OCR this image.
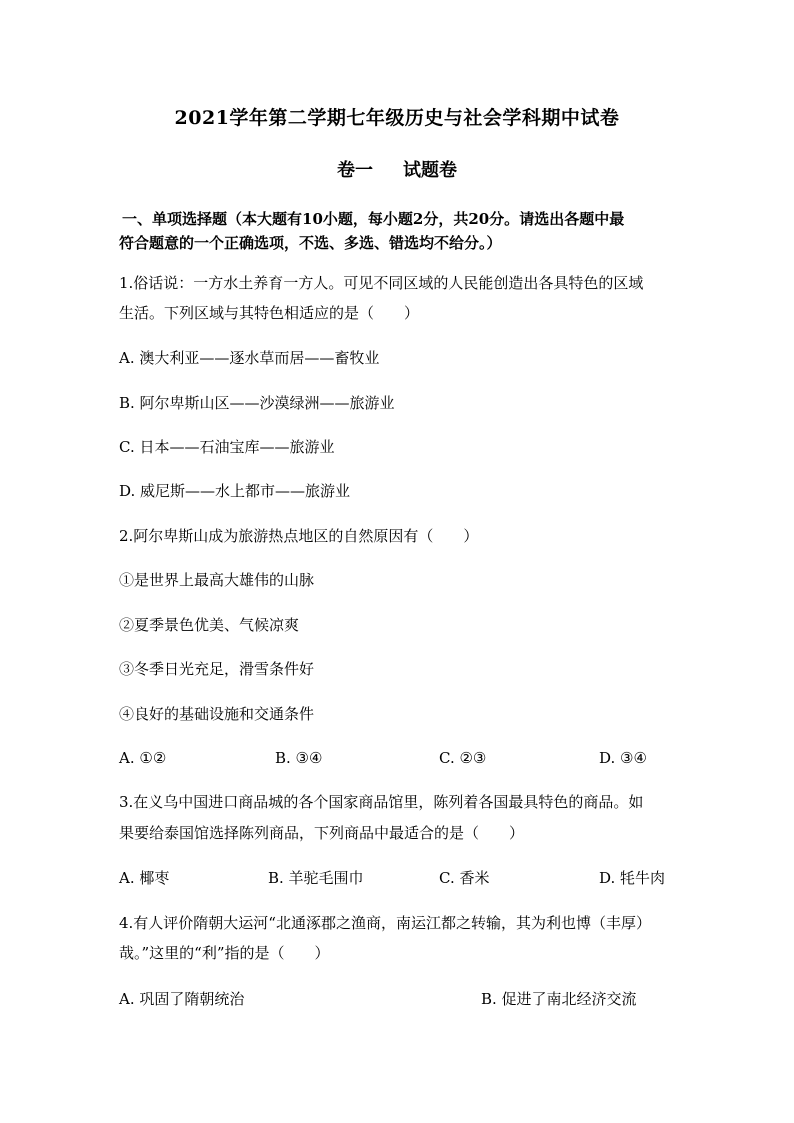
2021学年第二学期七年级历史与社会学科期中试卷
卷一 试题卷
一、单项选择题（本大题有10小题，每小题2分，共20分。请选出各题中最
符合题意的一个正确选项，不选、多选、错选均不给分。）
1.俗话说：一方水土养育一方人。可见不同区域的人民能创造出各具特色的区域
生活。下列区域与其特色相适应的是（　　）
A. 澳大利亚——逐水草而居——畜牧业
B. 阿尔卑斯山区——沙漠绿洲——旅游业
C. 日本——石油宝库——旅游业
D. 威尼斯——水上都市——旅游业
2.阿尔卑斯山成为旅游热点地区的自然原因有（　　）
①是世界上最高大雄伟的山脉
②夏季景色优美、气候凉爽
③冬季日光充足，滑雪条件好
④良好的基础设施和交通条件
A. ①②	B. ③④	C. ②③	D. ③④
3.在义乌中国进口商品城的各个国家商品馆里，陈列着各国最具特色的商品。如
果要给泰国馆选择陈列商品，下列商品中最适合的是（　　）
A. 椰枣	B. 羊驼毛围巾	C. 香米	D. 牦牛肉
4.有人评价隋朝大运河“北通涿郡之渔商，南运江都之转输，其为利也博（丰厚）
哉。”这里的“利”指的是（　　）
A. 巩固了隋朝统治	B. 促进了南北经济交流
